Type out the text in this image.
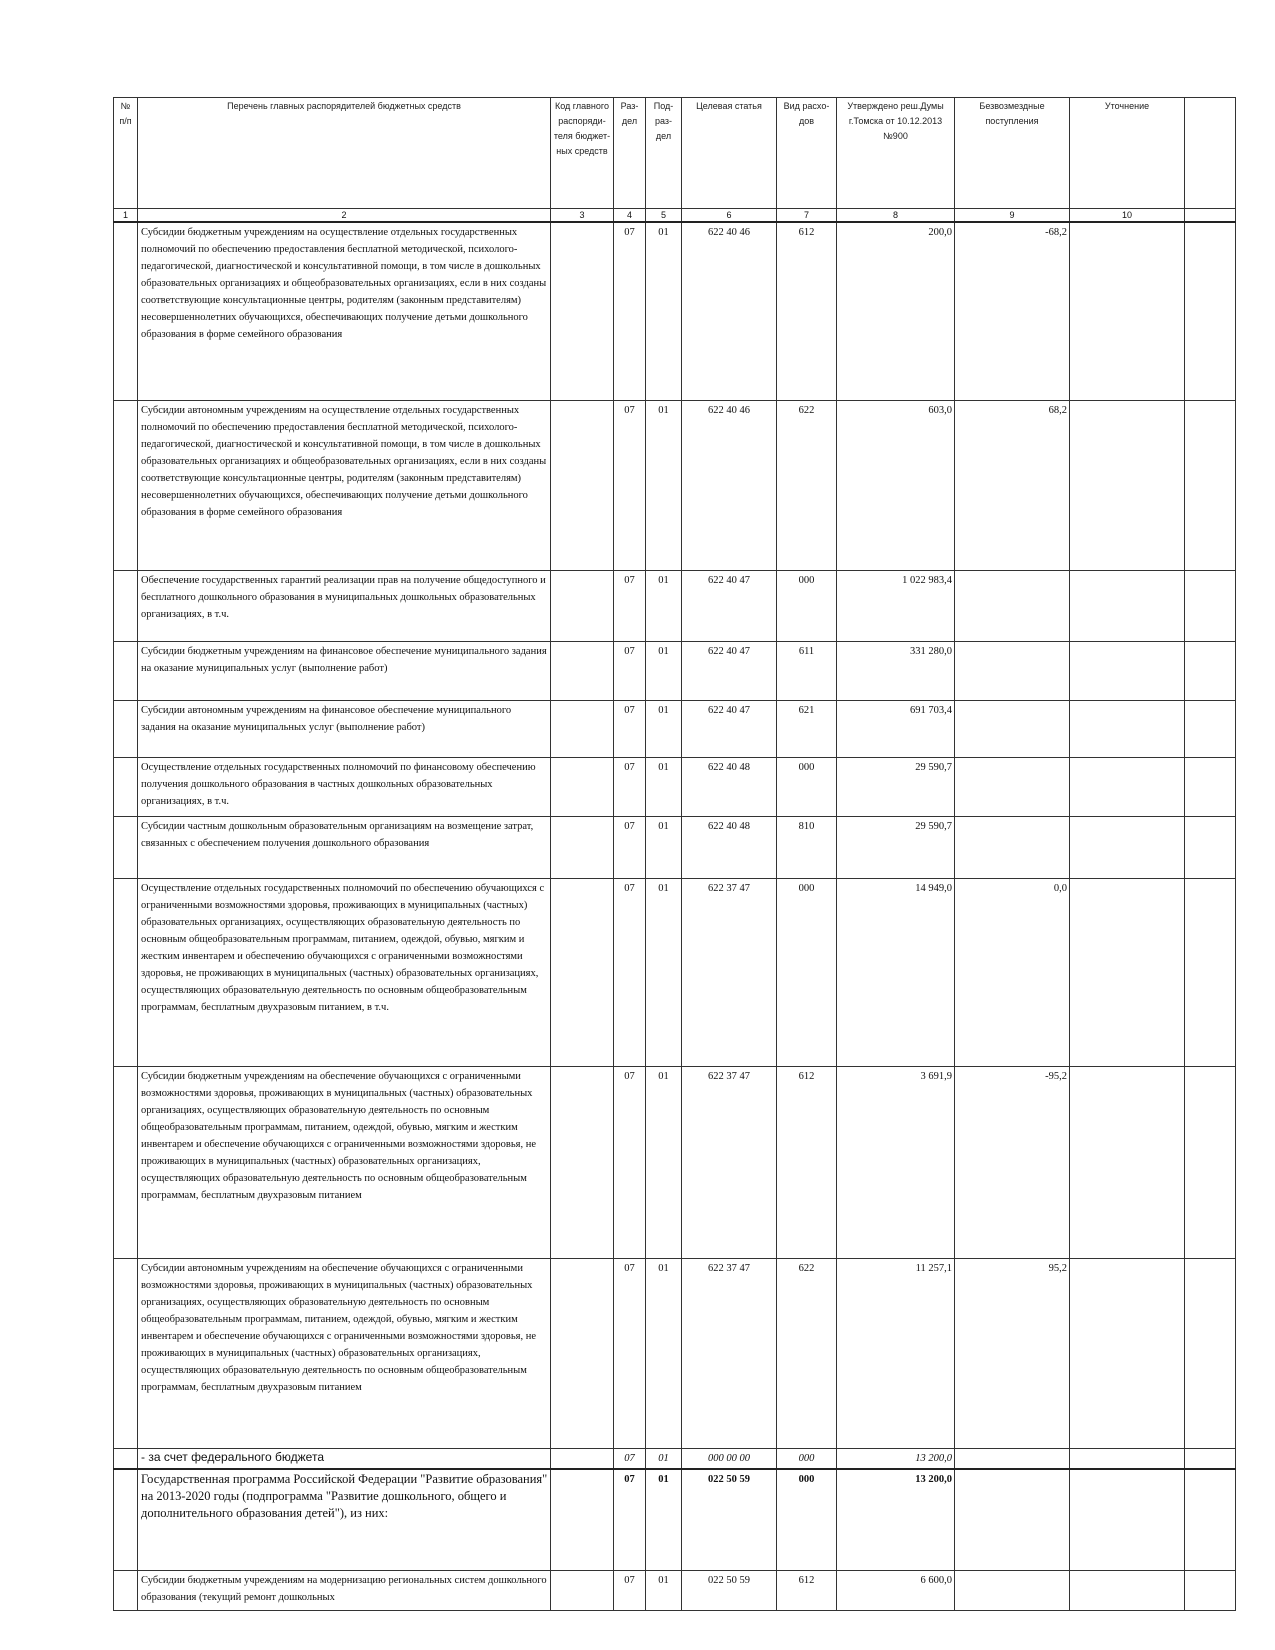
№ п/п	Перечень главных распорядителей бюджетных средств	Код главного распоряди-теля бюджет-ных средств	Раз-дел	Под-раз-дел	Целевая статья	Вид расхо-дов	Утверждено реш.Думы г.Томска от 10.12.2013 №900	Безвозмездные поступления	Уточнение	
1	2	3	4	5	6	7	8	9	10	
	Субсидии бюджетным учреждениям на осуществление отдельных государственных полномочий по обеспечению предоставления бесплатной методической, психолого-педагогической, диагностической и консультативной помощи, в том числе в дошкольных образовательных организациях и общеобразовательных организациях, если в них созданы соответствующие консультационные центры, родителям (законным представителям) несовершеннолетних обучающихся, обеспечивающих получение детьми дошкольного образования в форме семейного образования		07	01	622 40 46	612	200,0	-68,2		
	Субсидии автономным учреждениям на осуществление отдельных государственных полномочий по обеспечению предоставления бесплатной методической, психолого-педагогической, диагностической и консультативной помощи, в том числе в дошкольных образовательных организациях и общеобразовательных организациях, если в них созданы соответствующие консультационные центры, родителям (законным представителям) несовершеннолетних обучающихся, обеспечивающих получение детьми дошкольного образования в форме семейного образования		07	01	622 40 46	622	603,0	68,2		
	Обеспечение государственных гарантий реализации прав на получение общедоступного и бесплатного дошкольного образования в муниципальных дошкольных образовательных организациях, в т.ч.		07	01	622 40 47	000	1 022 983,4			
	Субсидии бюджетным учреждениям на финансовое обеспечение муниципального задания на оказание муниципальных услуг (выполнение работ)		07	01	622 40 47	611	331 280,0			
	Субсидии автономным учреждениям на финансовое обеспечение муниципального задания на оказание муниципальных услуг (выполнение работ)		07	01	622 40 47	621	691 703,4			
	Осуществление отдельных государственных полномочий по финансовому обеспечению получения дошкольного образования в частных дошкольных образовательных организациях, в т.ч.		07	01	622 40 48	000	29 590,7			
	Субсидии частным дошкольным образовательным организациям на возмещение затрат, связанных с обеспечением получения дошкольного образования		07	01	622 40 48	810	29 590,7			
	Осуществление отдельных государственных полномочий по обеспечению обучающихся с ограниченными возможностями здоровья, проживающих в муниципальных (частных) образовательных организациях, осуществляющих образовательную деятельность по основным общеобразовательным программам, питанием, одеждой, обувью, мягким и жестким инвентарем и обеспечению обучающихся с ограниченными возможностями здоровья, не проживающих в муниципальных (частных) образовательных организациях, осуществляющих образовательную деятельность по основным общеобразовательным программам, бесплатным двухразовым питанием, в т.ч.		07	01	622 37 47	000	14 949,0	0,0		
	Субсидии бюджетным учреждениям на обеспечение обучающихся с ограниченными возможностями здоровья, проживающих в муниципальных (частных) образовательных организациях, осуществляющих образовательную деятельность по основным общеобразовательным программам, питанием, одеждой, обувью, мягким и жестким инвентарем и обеспечение обучающихся с ограниченными возможностями здоровья, не проживающих в муниципальных (частных) образовательных организациях, осуществляющих образовательную деятельность по основным общеобразовательным программам, бесплатным двухразовым питанием		07	01	622 37 47	612	3 691,9	-95,2		
	Субсидии автономным учреждениям на обеспечение обучающихся с ограниченными возможностями здоровья, проживающих в муниципальных (частных) образовательных организациях, осуществляющих образовательную деятельность по основным общеобразовательным программам, питанием, одеждой, обувью, мягким и жестким инвентарем и обеспечение обучающихся с ограниченными возможностями здоровья, не проживающих в муниципальных (частных) образовательных организациях, осуществляющих образовательную деятельность по основным общеобразовательным программам, бесплатным двухразовым питанием		07	01	622 37 47	622	11 257,1	95,2		
	- за счет федерального бюджета		07	01	000 00 00	000	13 200,0			
	Государственная программа Российской Федерации "Развитие образования" на 2013-2020 годы (подпрограмма "Развитие дошкольного, общего и дополнительного образования детей"), из них:		07	01	022 50 59	000	13 200,0			
	Субсидии бюджетным учреждениям на модернизацию региональных систем дошкольного образования (текущий ремонт дошкольных		07	01	022 50 59	612	6 600,0			
